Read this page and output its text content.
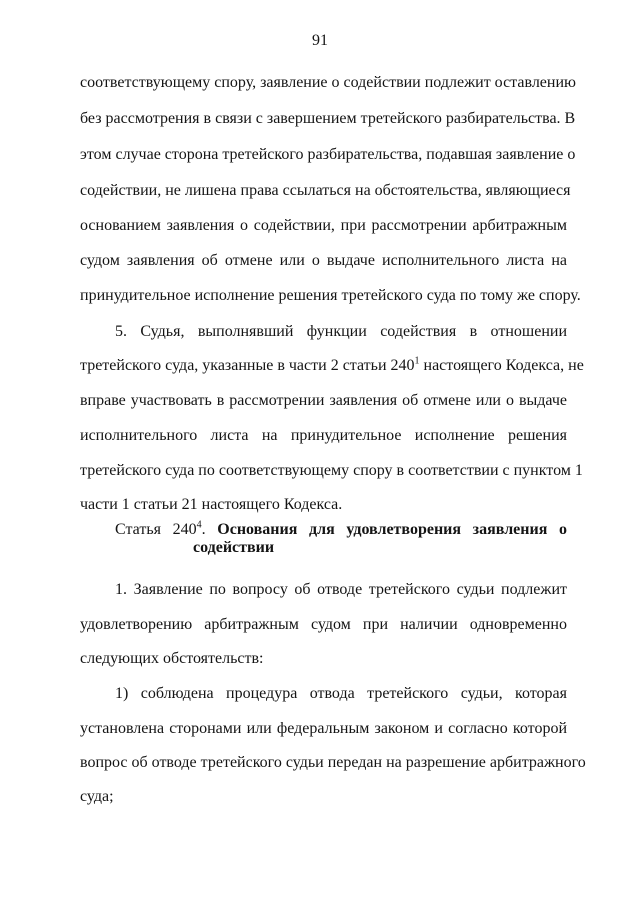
91
соответствующему спору, заявление о содействии подлежит оставлению
без рассмотрения в связи с завершением третейского разбирательства. В
этом случае сторона третейского разбирательства, подавшая заявление о
содействии, не лишена права ссылаться на обстоятельства, являющиеся
основанием заявления о содействии, при рассмотрении арбитражным
судом заявления об отмене или о выдаче исполнительного листа на
принудительное исполнение решения третейского суда по тому же спору.
5. Судья, выполнявший функции содействия в отношении
третейского суда, указанные в части 2 статьи $240^1$ настоящего Кодекса, не
вправе участвовать в рассмотрении заявления об отмене или о выдаче
исполнительного листа на принудительное исполнение решения
третейского суда по соответствующему спору в соответствии с пунктом 1
части 1 статьи 21 настоящего Кодекса.
Статья $240^4$. Основания для удовлетворения заявления о
содействии
1. Заявление по вопросу об отводе третейского судьи подлежит
удовлетворению арбитражным судом при наличии одновременно
следующих обстоятельств:
1) соблюдена процедура отвода третейского судьи, которая
установлена сторонами или федеральным законом и согласно которой
вопрос об отводе третейского судьи передан на разрешение арбитражного
суда;
